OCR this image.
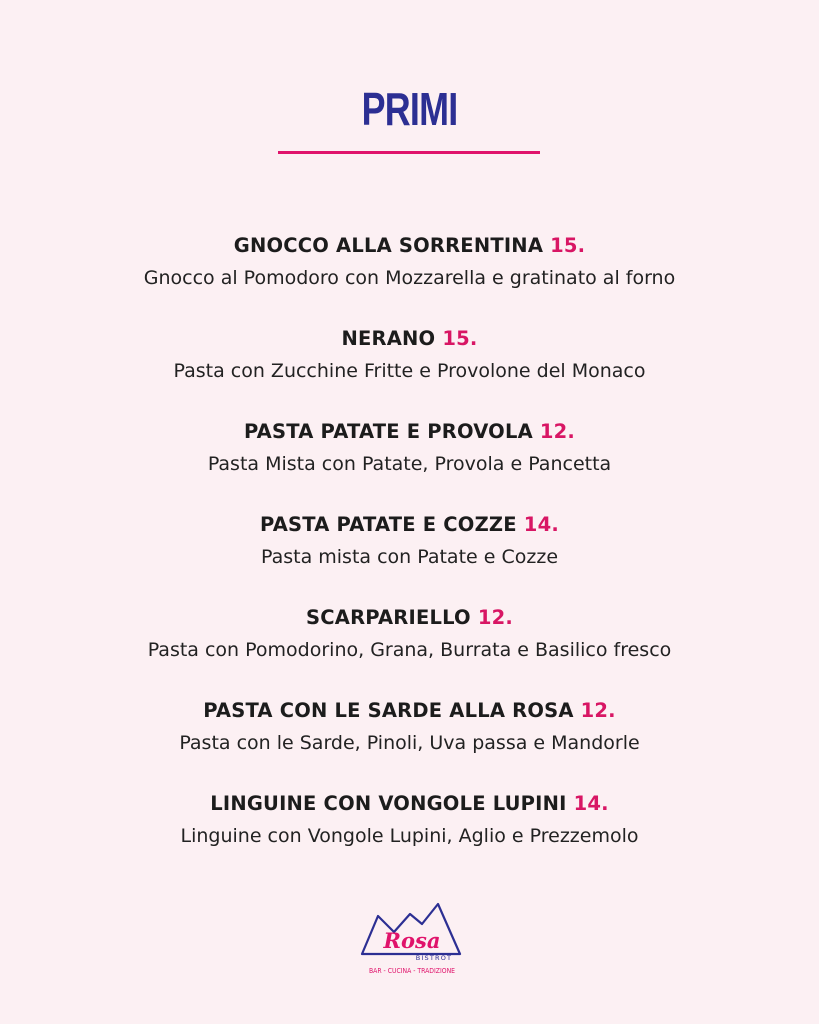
PRIMI
GNOCCO ALLA SORRENTINA 15.
Gnocco al Pomodoro con Mozzarella e gratinato al forno
NERANO 15.
Pasta con Zucchine Fritte e Provolone del Monaco
PASTA PATATE E PROVOLA 12.
Pasta Mista con Patate, Provola e Pancetta
PASTA PATATE E COZZE 14.
Pasta mista con Patate e Cozze
SCARPARIELLO 12.
Pasta con Pomodorino, Grana, Burrata e Basilico fresco
PASTA CON LE SARDE ALLA ROSA 12.
Pasta con le Sarde, Pinoli, Uva passa e Mandorle
LINGUINE CON VONGOLE LUPINI 14.
Linguine con Vongole Lupini, Aglio e Prezzemolo
Rosa
BISTROT
BAR - CUCINA - TRADIZIONE
